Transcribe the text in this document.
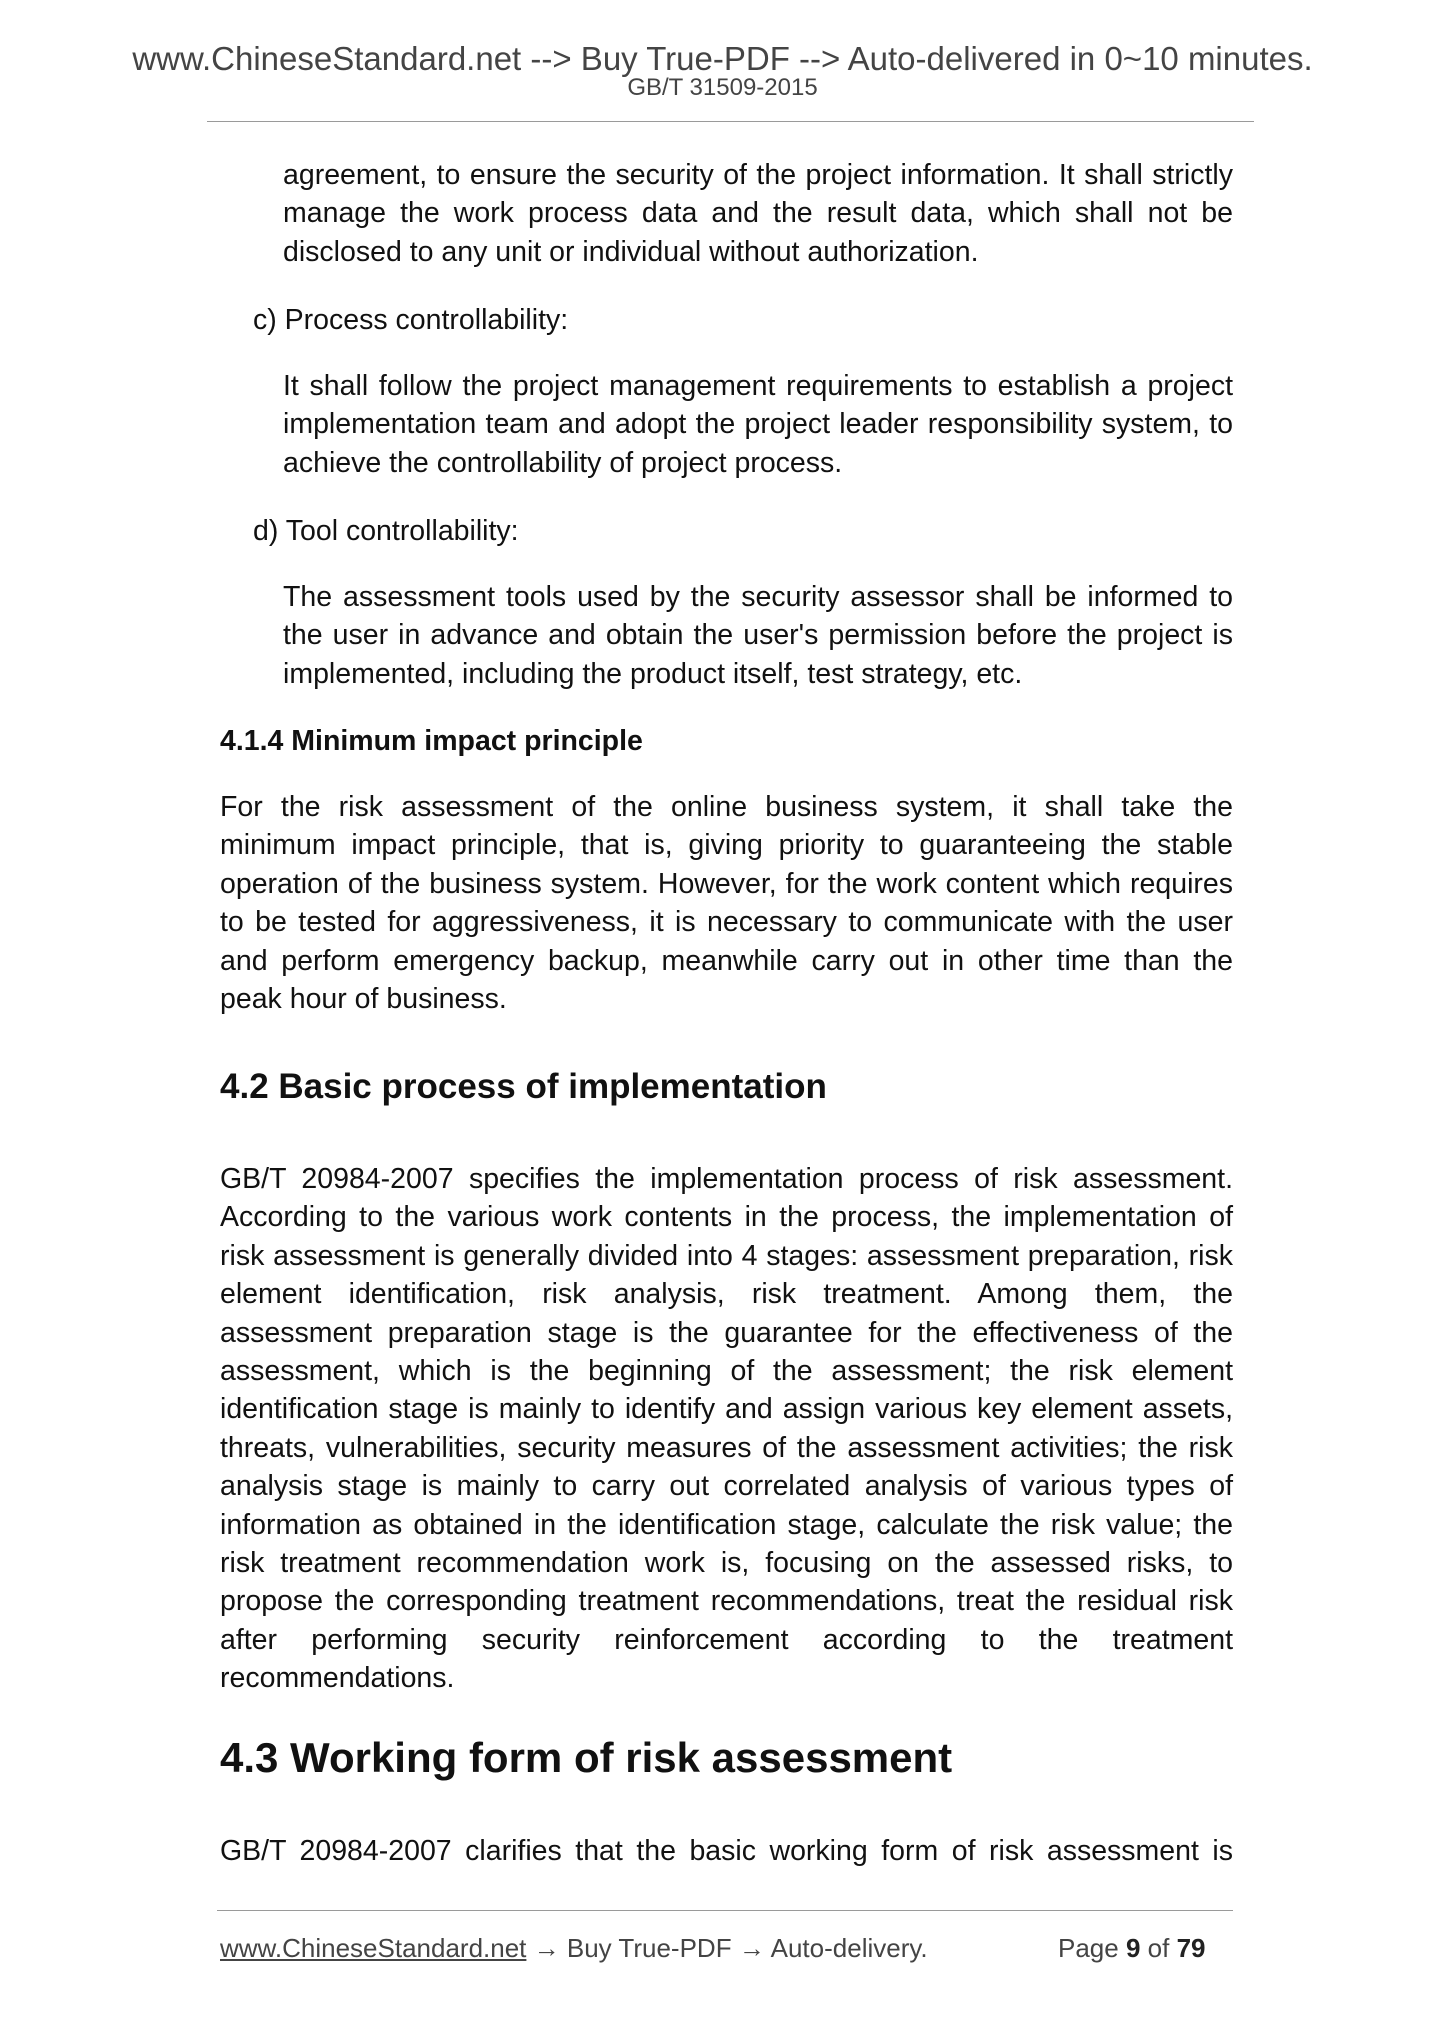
www.ChineseStandard.net --> Buy True-PDF --> Auto-delivered in 0~10 minutes.
GB/T 31509-2015

agreement, to ensure the security of the project information. It shall strictly manage the work process data and the result data, which shall not be disclosed to any unit or individual without authorization.

c) Process controllability:

It shall follow the project management requirements to establish a project implementation team and adopt the project leader responsibility system, to achieve the controllability of project process.

d) Tool controllability:

The assessment tools used by the security assessor shall be informed to the user in advance and obtain the user's permission before the project is implemented, including the product itself, test strategy, etc.

4.1.4 Minimum impact principle

For the risk assessment of the online business system, it shall take the minimum impact principle, that is, giving priority to guaranteeing the stable operation of the business system. However, for the work content which requires to be tested for aggressiveness, it is necessary to communicate with the user and perform emergency backup, meanwhile carry out in other time than the peak hour of business.

4.2 Basic process of implementation

GB/T 20984-2007 specifies the implementation process of risk assessment. According to the various work contents in the process, the implementation of risk assessment is generally divided into 4 stages: assessment preparation, risk element identification, risk analysis, risk treatment. Among them, the assessment preparation stage is the guarantee for the effectiveness of the assessment, which is the beginning of the assessment; the risk element identification stage is mainly to identify and assign various key element assets, threats, vulnerabilities, security measures of the assessment activities; the risk analysis stage is mainly to carry out correlated analysis of various types of information as obtained in the identification stage, calculate the risk value; the risk treatment recommendation work is, focusing on the assessed risks, to propose the corresponding treatment recommendations, treat the residual risk after performing security reinforcement according to the treatment recommendations.

4.3 Working form of risk assessment

GB/T 20984-2007 clarifies that the basic working form of risk assessment is

www.ChineseStandard.net → Buy True-PDF → Auto-delivery.	Page 9 of 79
